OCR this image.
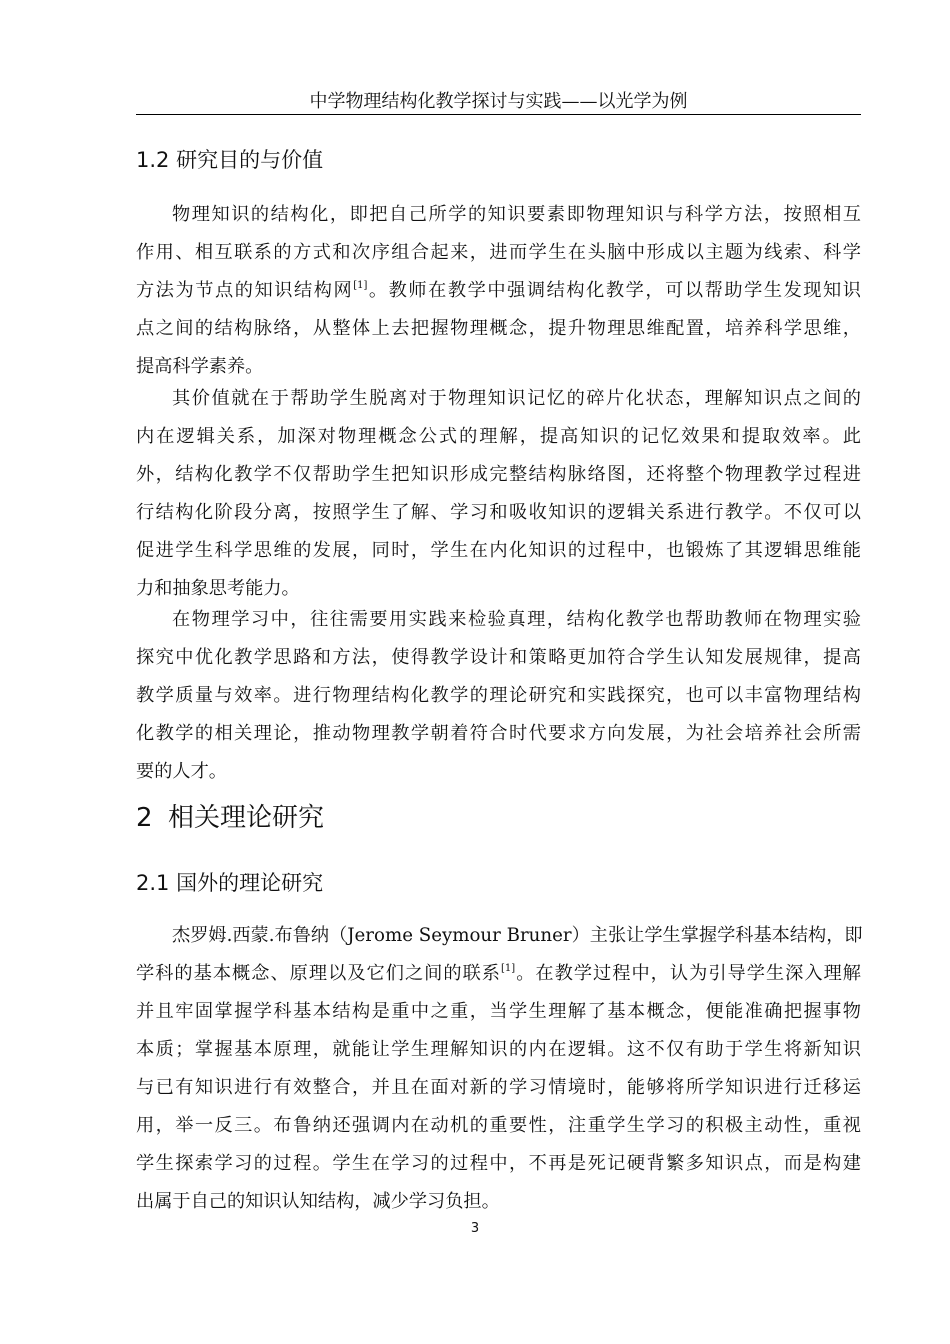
中学物理结构化教学探讨与实践——以光学为例
1.2 研究目的与价值
物理知识的结构化，即把自己所学的知识要素即物理知识与科学方法，按照相互
作用、相互联系的方式和次序组合起来，进而学生在头脑中形成以主题为线索、科学
方法为节点的知识结构网[1]。教师在教学中强调结构化教学，可以帮助学生发现知识
点之间的结构脉络，从整体上去把握物理概念，提升物理思维配置，培养科学思维，
提高科学素养。
其价值就在于帮助学生脱离对于物理知识记忆的碎片化状态，理解知识点之间的
内在逻辑关系，加深对物理概念公式的理解，提高知识的记忆效果和提取效率。此
外，结构化教学不仅帮助学生把知识形成完整结构脉络图，还将整个物理教学过程进
行结构化阶段分离，按照学生了解、学习和吸收知识的逻辑关系进行教学。不仅可以
促进学生科学思维的发展，同时，学生在内化知识的过程中，也锻炼了其逻辑思维能
力和抽象思考能力。
在物理学习中，往往需要用实践来检验真理，结构化教学也帮助教师在物理实验
探究中优化教学思路和方法，使得教学设计和策略更加符合学生认知发展规律，提高
教学质量与效率。进行物理结构化教学的理论研究和实践探究，也可以丰富物理结构
化教学的相关理论，推动物理教学朝着符合时代要求方向发展，为社会培养社会所需
要的人才。
2 相关理论研究
2.1 国外的理论研究
杰罗姆.西蒙.布鲁纳（Jerome Seymour Bruner）主张让学生掌握学科基本结构，即
学科的基本概念、原理以及它们之间的联系[1]。在教学过程中，认为引导学生深入理解
并且牢固掌握学科基本结构是重中之重，当学生理解了基本概念，便能准确把握事物
本质；掌握基本原理，就能让学生理解知识的内在逻辑。这不仅有助于学生将新知识
与已有知识进行有效整合，并且在面对新的学习情境时，能够将所学知识进行迁移运
用，举一反三。布鲁纳还强调内在动机的重要性，注重学生学习的积极主动性，重视
学生探索学习的过程。学生在学习的过程中，不再是死记硬背繁多知识点，而是构建
出属于自己的知识认知结构，减少学习负担。
3
